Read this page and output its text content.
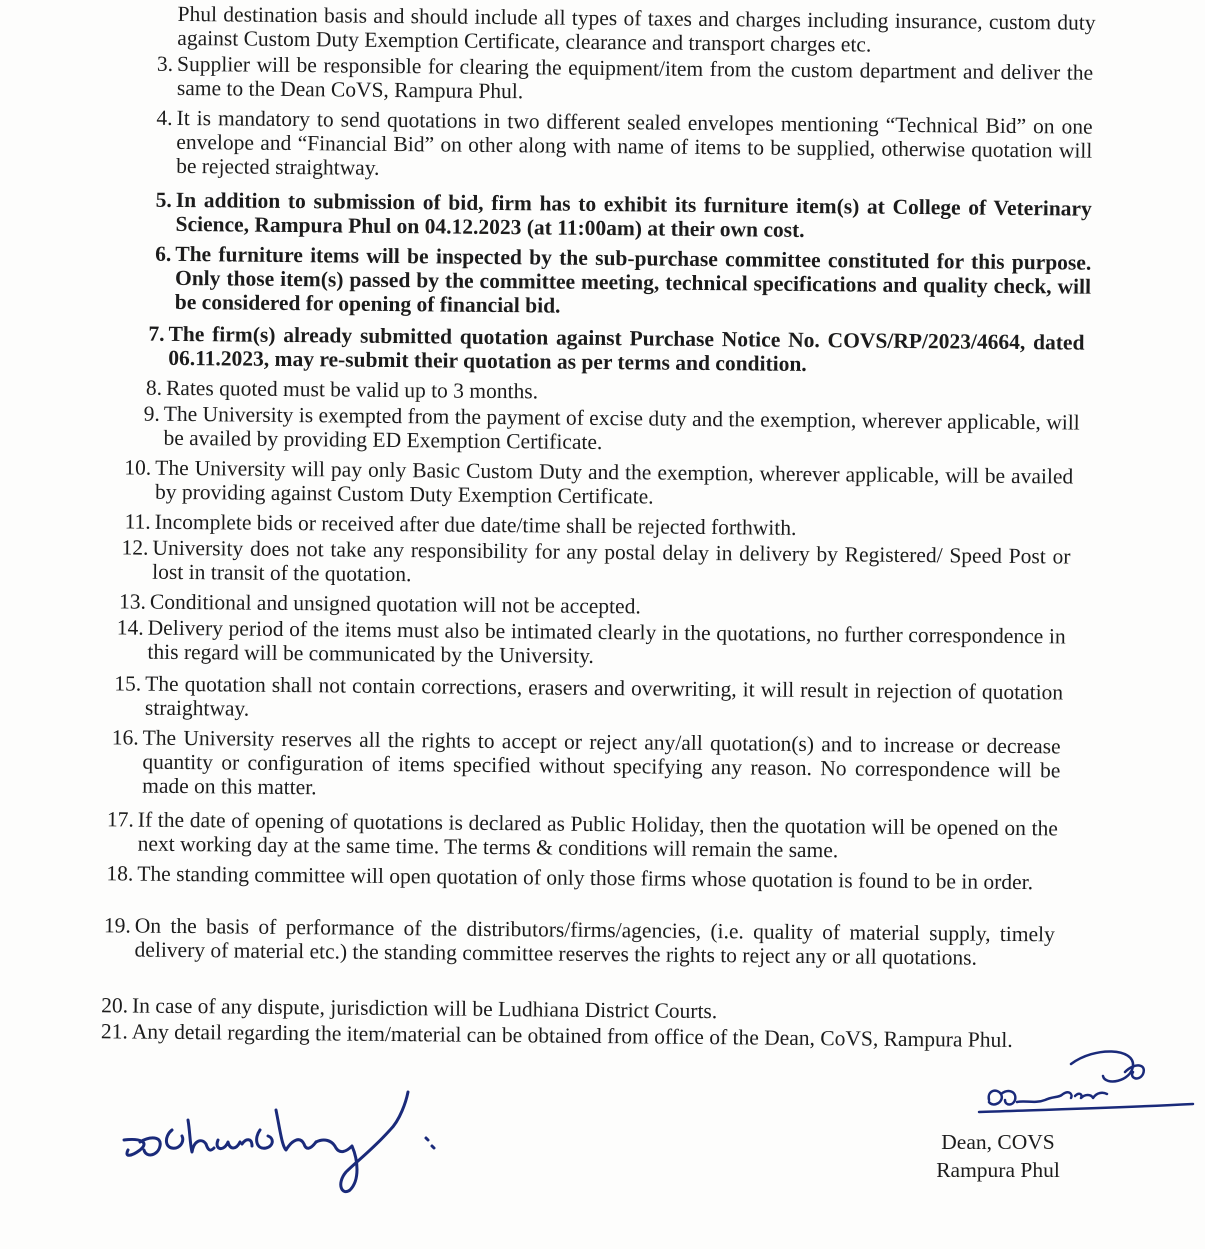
Phul destination basis and should include all types of taxes and charges including insurance, custom duty against Custom Duty Exemption Certificate, clearance and transport charges etc.

3. Supplier will be responsible for clearing the equipment/item from the custom department and deliver the same to the Dean CoVS, Rampura Phul.
4. It is mandatory to send quotations in two different sealed envelopes mentioning “Technical Bid” on one envelope and “Financial Bid” on other along with name of items to be supplied, otherwise quotation will be rejected straightway.
5. In addition to submission of bid, firm has to exhibit its furniture item(s) at College of Veterinary Science, Rampura Phul on 04.12.2023 (at 11:00am) at their own cost.
6. The furniture items will be inspected by the sub-purchase committee constituted for this purpose. Only those item(s) passed by the committee meeting, technical specifications and quality check, will be considered for opening of financial bid.
7. The firm(s) already submitted quotation against Purchase Notice No. COVS/RP/2023/4664, dated 06.11.2023, may re-submit their quotation as per terms and condition.
8. Rates quoted must be valid up to 3 months.
9. The University is exempted from the payment of excise duty and the exemption, wherever applicable, will be availed by providing ED Exemption Certificate.
10. The University will pay only Basic Custom Duty and the exemption, wherever applicable, will be availed by providing against Custom Duty Exemption Certificate.
11. Incomplete bids or received after due date/time shall be rejected forthwith.
12. University does not take any responsibility for any postal delay in delivery by Registered/ Speed Post or lost in transit of the quotation.
13. Conditional and unsigned quotation will not be accepted.
14. Delivery period of the items must also be intimated clearly in the quotations, no further correspondence in this regard will be communicated by the University.
15. The quotation shall not contain corrections, erasers and overwriting, it will result in rejection of quotation straightway.
16. The University reserves all the rights to accept or reject any/all quotation(s) and to increase or decrease quantity or configuration of items specified without specifying any reason. No correspondence will be made on this matter.
17. If the date of opening of quotations is declared as Public Holiday, then the quotation will be opened on the next working day at the same time. The terms & conditions will remain the same.
18. The standing committee will open quotation of only those firms whose quotation is found to be in order.
19. On the basis of performance of the distributors/firms/agencies, (i.e. quality of material supply, timely delivery of material etc.) the standing committee reserves the rights to reject any or all quotations.
20. In case of any dispute, jurisdiction will be Ludhiana District Courts.
21. Any detail regarding the item/material can be obtained from office of the Dean, CoVS, Rampura Phul.
Dean, COVS
Rampura Phul
